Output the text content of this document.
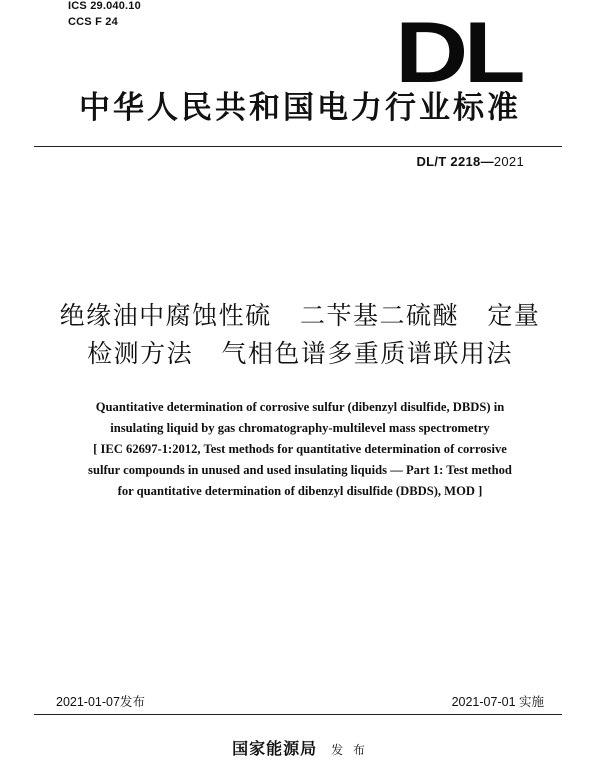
ICS 29.040.10
CCS F 24	DL
中华人民共和国电力行业标准
DL/T 2218—2021
绝缘油中腐蚀性硫   二苄基二硫醚   定量
检测方法   气相色谱多重质谱联用法
Quantitative determination of corrosive sulfur (dibenzyl disulfide, DBDS) in
insulating liquid by gas chromatography-multilevel mass spectrometry
[ IEC 62697-1:2012, Test methods for quantitative determination of corrosive
sulfur compounds in unused and used insulating liquids — Part 1: Test method
for quantitative determination of dibenzyl disulfide (DBDS), MOD ]
2021-01-07发布	2021-07-01 实施
国家能源局 发 布
